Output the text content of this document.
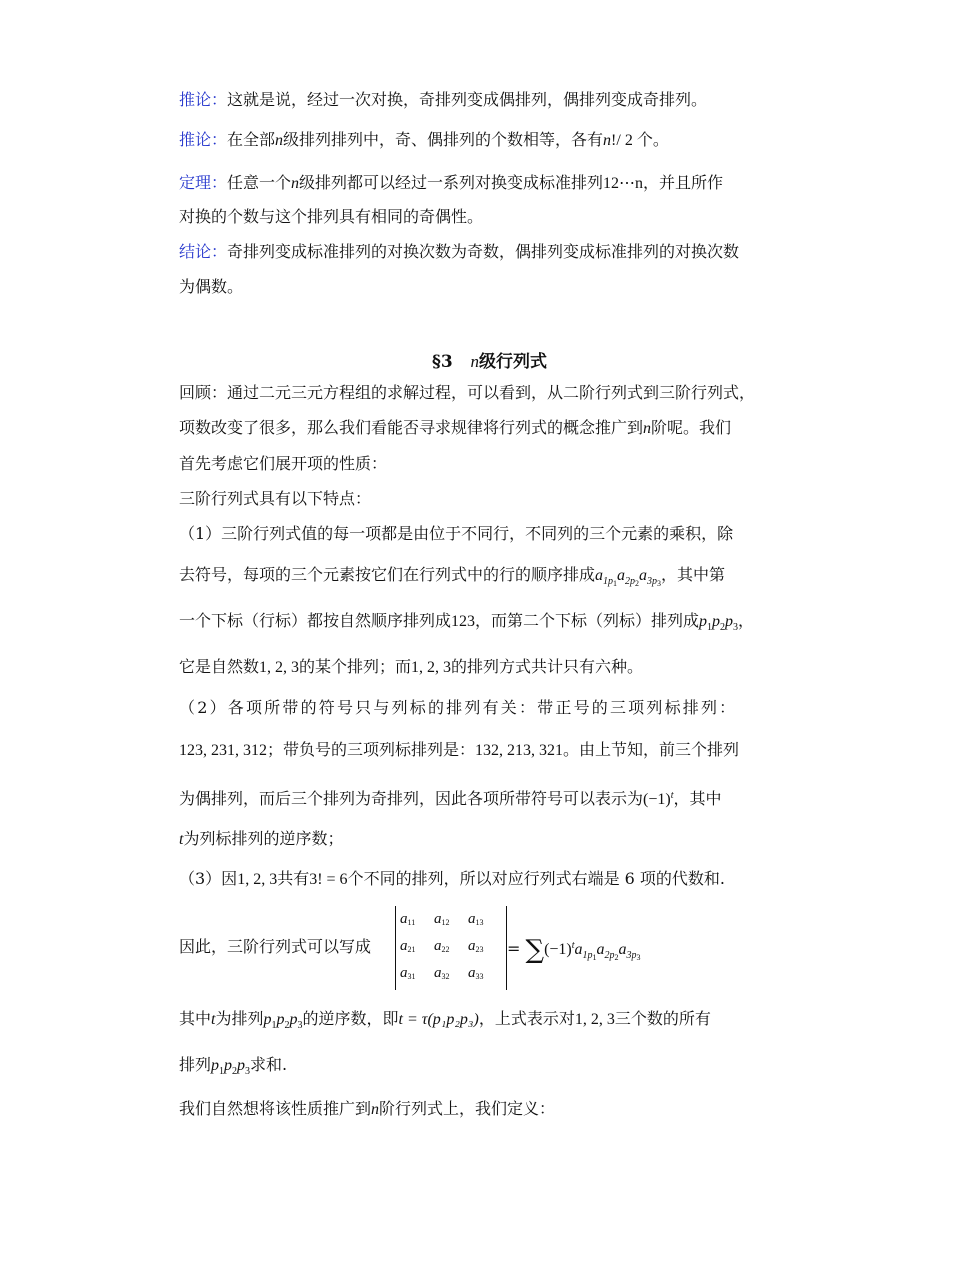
推论：这就是说，经过一次对换，奇排列变成偶排列，偶排列变成奇排列。
推论：在全部n级排列排列中，奇、偶排列的个数相等，各有n!/ 2 个。
定理：任意一个n级排列都可以经过一系列对换变成标准排列12⋯n，并且所作
对换的个数与这个排列具有相同的奇偶性。
结论：奇排列变成标准排列的对换次数为奇数，偶排列变成标准排列的对换次数
为偶数。
§3 n级行列式
回顾：通过二元三元方程组的求解过程，可以看到，从二阶行列式到三阶行列式，
项数改变了很多，那么我们看能否寻求规律将行列式的概念推广到n阶呢。我们
首先考虑它们展开项的性质：
三阶行列式具有以下特点：
（1）三阶行列式值的每一项都是由位于不同行，不同列的三个元素的乘积，除
去符号，每项的三个元素按它们在行列式中的行的顺序排成$a_{1p_1}a_{2p_2}a_{3p_3}$，其中第
一个下标（行标）都按自然顺序排列成123，而第二个下标（列标）排列成$p_1p_2p_3$，
它是自然数1, 2, 3的某个排列；而1, 2, 3的排列方式共计只有六种。
（2）各项所带的符号只与列标的排列有关：带正号的三项列标排列：
123, 231, 312；带负号的三项列标排列是：132, 213, 321。由上节知，前三个排列
为偶排列，而后三个排列为奇排列，因此各项所带符号可以表示为$(-1)^t$，其中
t为列标排列的逆序数；
（3）因1, 2, 3共有3! = 6个不同的排列，所以对应行列式右端是 6 项的代数和.
因此，三阶行列式可以写成
$a_{11}$	$a_{12}$	$a_{13}$
$a_{21}$	$a_{22}$	$a_{23}$
$a_{31}$	$a_{32}$	$a_{33}$
= $\sum(-1)^ta_{1p_1}a_{2p_2}a_{3p_3}$
其中t为排列$p_1p_2p_3$的逆序数，即t = τ(p₁p₂p₃)，上式表示对1, 2, 3三个数的所有
排列$p_1p_2p_3$求和.
我们自然想将该性质推广到n阶行列式上，我们定义：
